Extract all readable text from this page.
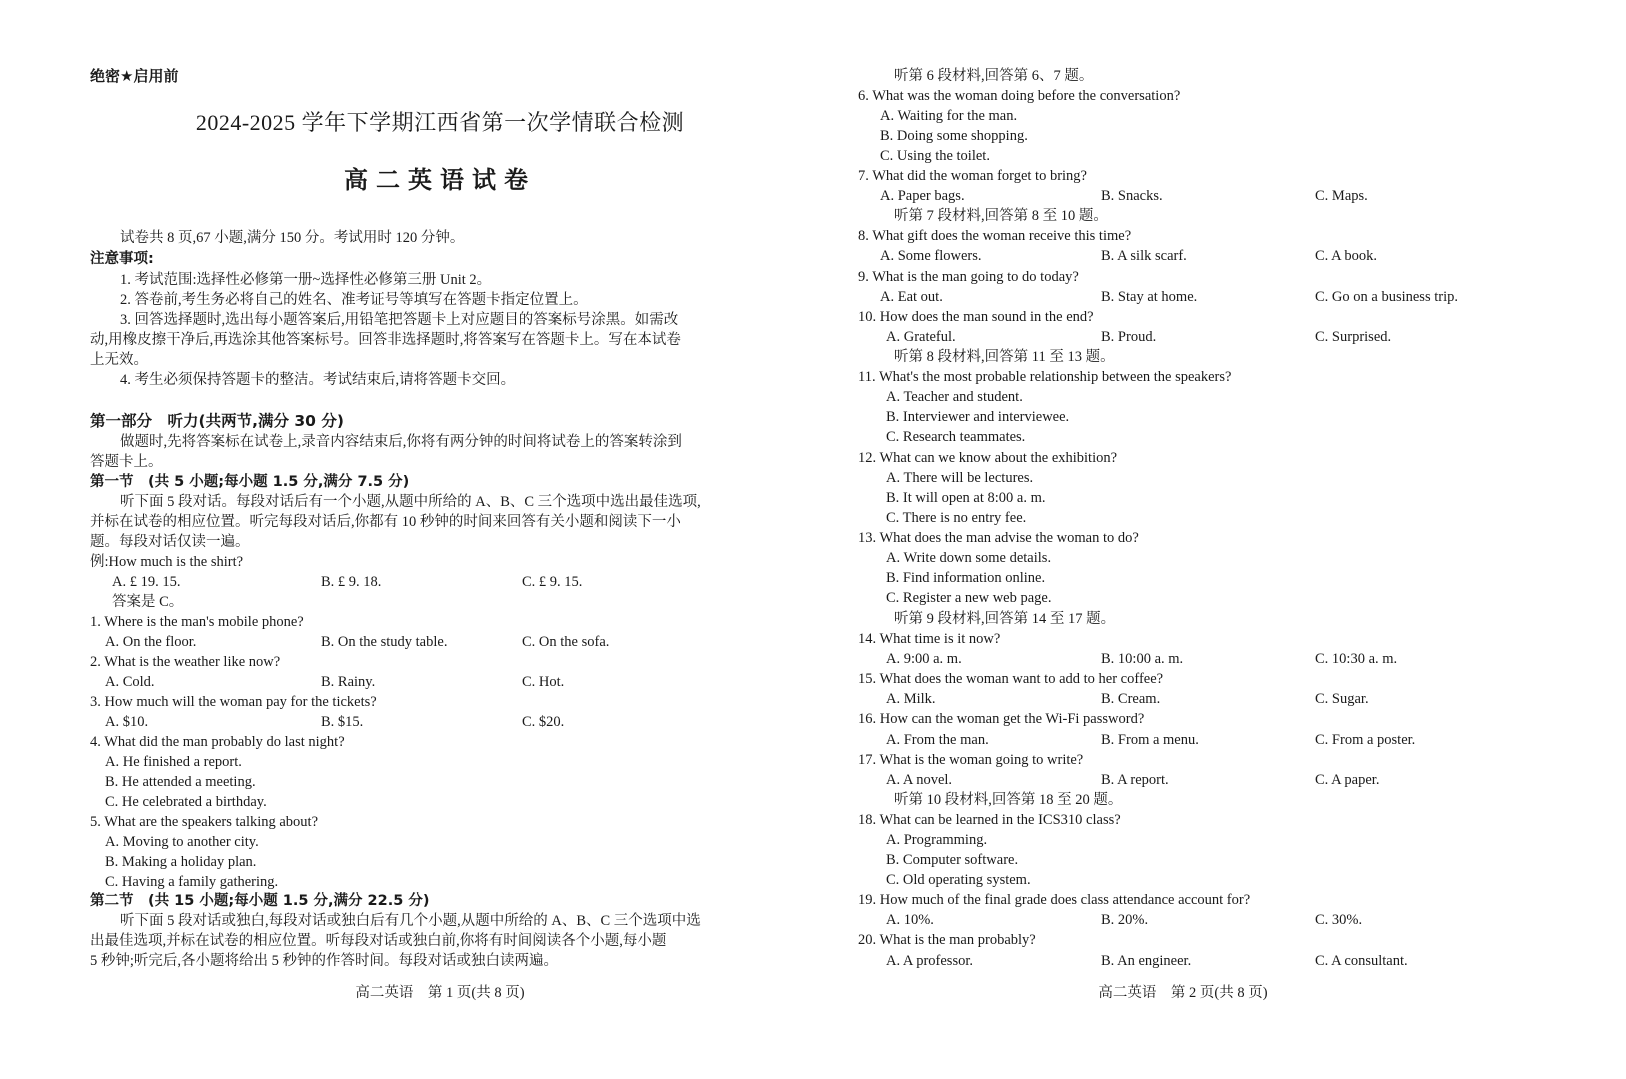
绝密★启用前
2024-2025 学年下学期江西省第一次学情联合检测
高二英语试卷
试卷共 8 页,67 小题,满分 150 分。考试用时 120 分钟。
注意事项:
1. 考试范围:选择性必修第一册~选择性必修第三册 Unit 2。
2. 答卷前,考生务必将自己的姓名、准考证号等填写在答题卡指定位置上。
3. 回答选择题时,选出每小题答案后,用铅笔把答题卡上对应题目的答案标号涂黑。如需改
动,用橡皮擦干净后,再选涂其他答案标号。回答非选择题时,将答案写在答题卡上。写在本试卷
上无效。
4. 考生必须保持答题卡的整洁。考试结束后,请将答题卡交回。
第一部分　听力(共两节,满分 30 分)
做题时,先将答案标在试卷上,录音内容结束后,你将有两分钟的时间将试卷上的答案转涂到
答题卡上。
第一节　(共 5 小题;每小题 1.5 分,满分 7.5 分)
听下面 5 段对话。每段对话后有一个小题,从题中所给的 A、B、C 三个选项中选出最佳选项,
并标在试卷的相应位置。听完每段对话后,你都有 10 秒钟的时间来回答有关小题和阅读下一小
题。每段对话仅读一遍。
例:How much is the shirt?
A. £ 19. 15.	B. £ 9. 18.	C. £ 9. 15.
答案是 C。
1. Where is the man's mobile phone?
A. On the floor.	B. On the study table.	C. On the sofa.
2. What is the weather like now?
A. Cold.	B. Rainy.	C. Hot.
3. How much will the woman pay for the tickets?
A. $10.	B. $15.	C. $20.
4. What did the man probably do last night?
A. He finished a report.
B. He attended a meeting.
C. He celebrated a birthday.
5. What are the speakers talking about?
A. Moving to another city.
B. Making a holiday plan.
C. Having a family gathering.
第二节　(共 15 小题;每小题 1.5 分,满分 22.5 分)
听下面 5 段对话或独白,每段对话或独白后有几个小题,从题中所给的 A、B、C 三个选项中选
出最佳选项,并标在试卷的相应位置。听每段对话或独白前,你将有时间阅读各个小题,每小题
5 秒钟;听完后,各小题将给出 5 秒钟的作答时间。每段对话或独白读两遍。
高二英语　第 1 页(共 8 页)
听第 6 段材料,回答第 6、7 题。
6. What was the woman doing before the conversation?
A. Waiting for the man.
B. Doing some shopping.
C. Using the toilet.
7. What did the woman forget to bring?
A. Paper bags.	B. Snacks.	C. Maps.
听第 7 段材料,回答第 8 至 10 题。
8. What gift does the woman receive this time?
A. Some flowers.	B. A silk scarf.	C. A book.
9. What is the man going to do today?
A. Eat out.	B. Stay at home.	C. Go on a business trip.
10. How does the man sound in the end?
A. Grateful.	B. Proud.	C. Surprised.
听第 8 段材料,回答第 11 至 13 题。
11. What's the most probable relationship between the speakers?
A. Teacher and student.
B. Interviewer and interviewee.
C. Research teammates.
12. What can we know about the exhibition?
A. There will be lectures.
B. It will open at 8:00 a. m.
C. There is no entry fee.
13. What does the man advise the woman to do?
A. Write down some details.
B. Find information online.
C. Register a new web page.
听第 9 段材料,回答第 14 至 17 题。
14. What time is it now?
A. 9:00 a. m.	B. 10:00 a. m.	C. 10:30 a. m.
15. What does the woman want to add to her coffee?
A. Milk.	B. Cream.	C. Sugar.
16. How can the woman get the Wi-Fi password?
A. From the man.	B. From a menu.	C. From a poster.
17. What is the woman going to write?
A. A novel.	B. A report.	C. A paper.
听第 10 段材料,回答第 18 至 20 题。
18. What can be learned in the ICS310 class?
A. Programming.
B. Computer software.
C. Old operating system.
19. How much of the final grade does class attendance account for?
A. 10%.	B. 20%.	C. 30%.
20. What is the man probably?
A. A professor.	B. An engineer.	C. A consultant.
高二英语　第 2 页(共 8 页)
